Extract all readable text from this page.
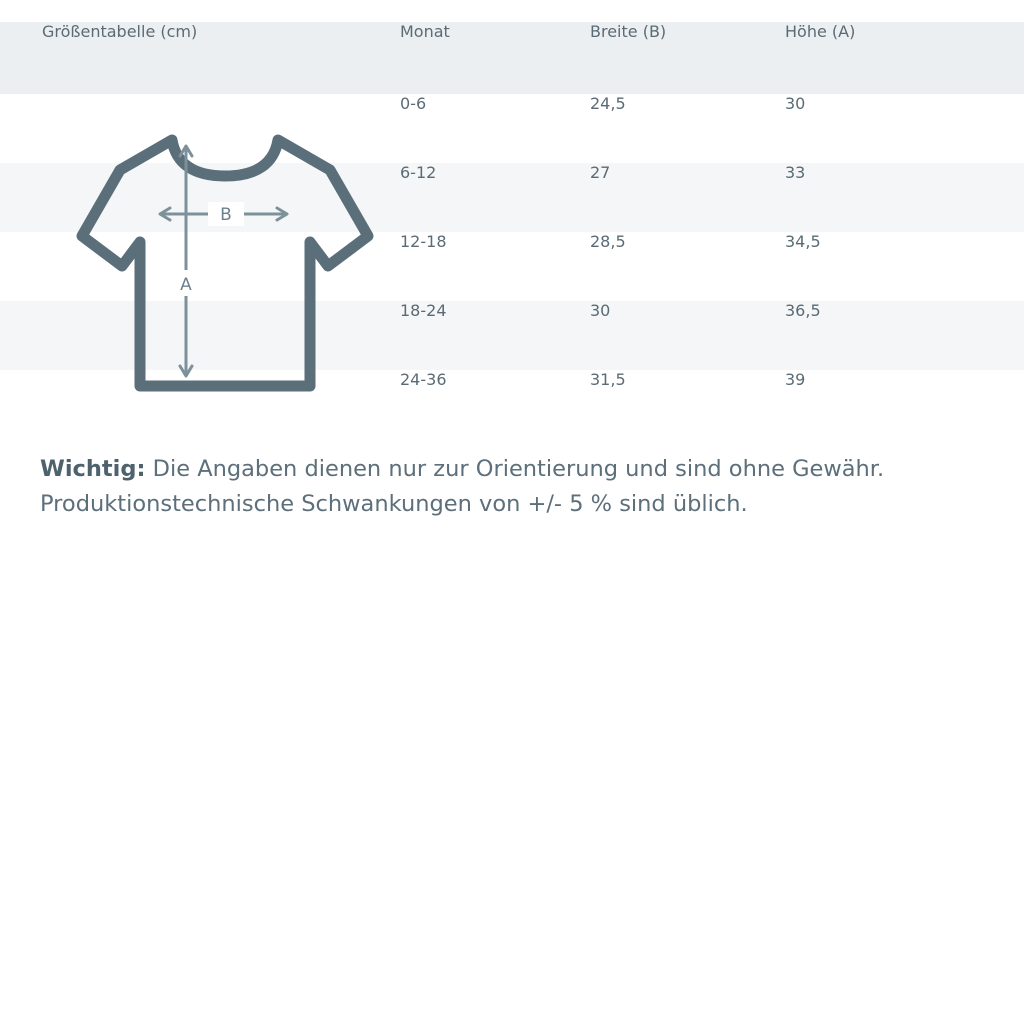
Größentabelle (cm)	Monat	Breite (B)	Höhe (A)
0-6	24,5	30
6-12	27	33
12-18	28,5	34,5
18-24	30	36,5
24-36	31,5	39
B
A
Wichtig: Die Angaben dienen nur zur Orientierung und sind ohne Gewähr.
Produktionstechnische Schwankungen von +/- 5 % sind üblich.
